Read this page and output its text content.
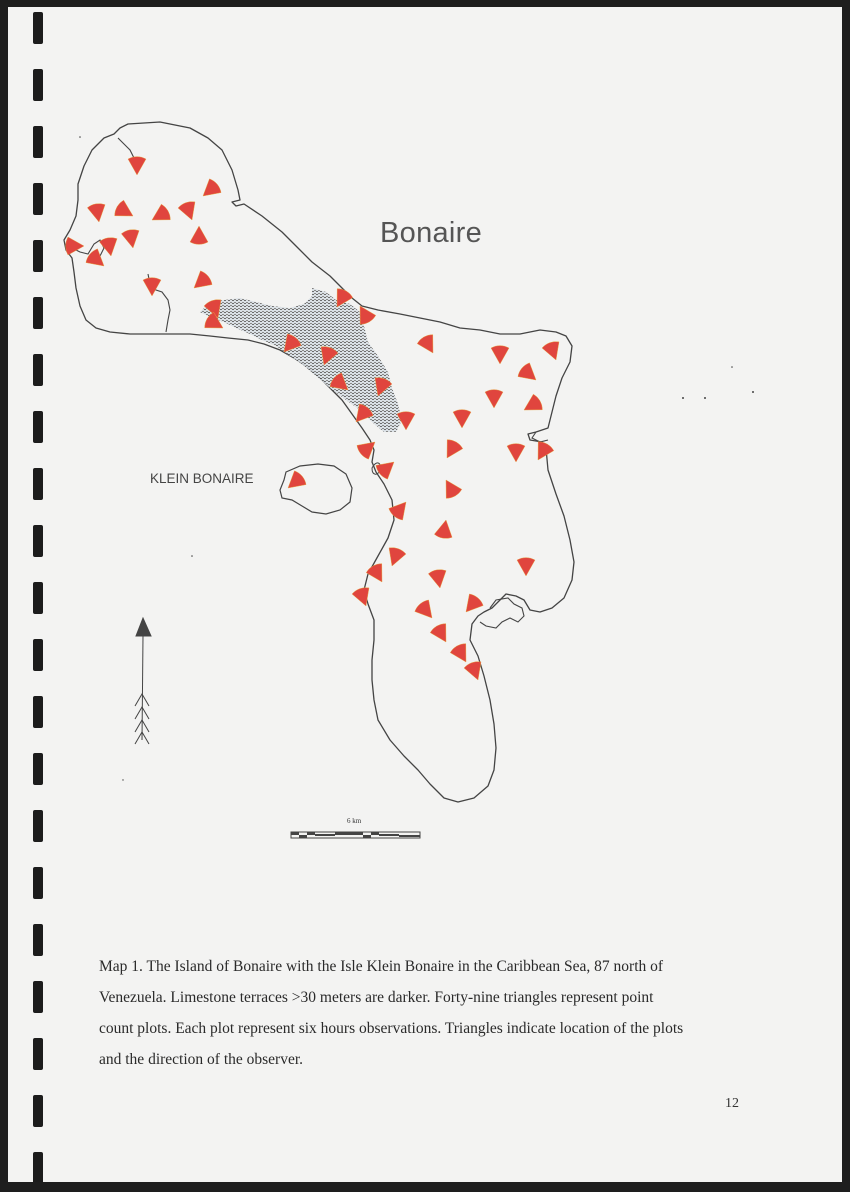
Bonaire
KLEIN BONAIRE
6 km

Map 1. The Island of Bonaire with the Isle Klein Bonaire in the Caribbean Sea, 87 north of

Venezuela. Limestone terraces >30 meters are darker. Forty-nine triangles represent point

count plots. Each plot represent six hours observations. Triangles indicate location of the plots

and the direction of the observer.

12
